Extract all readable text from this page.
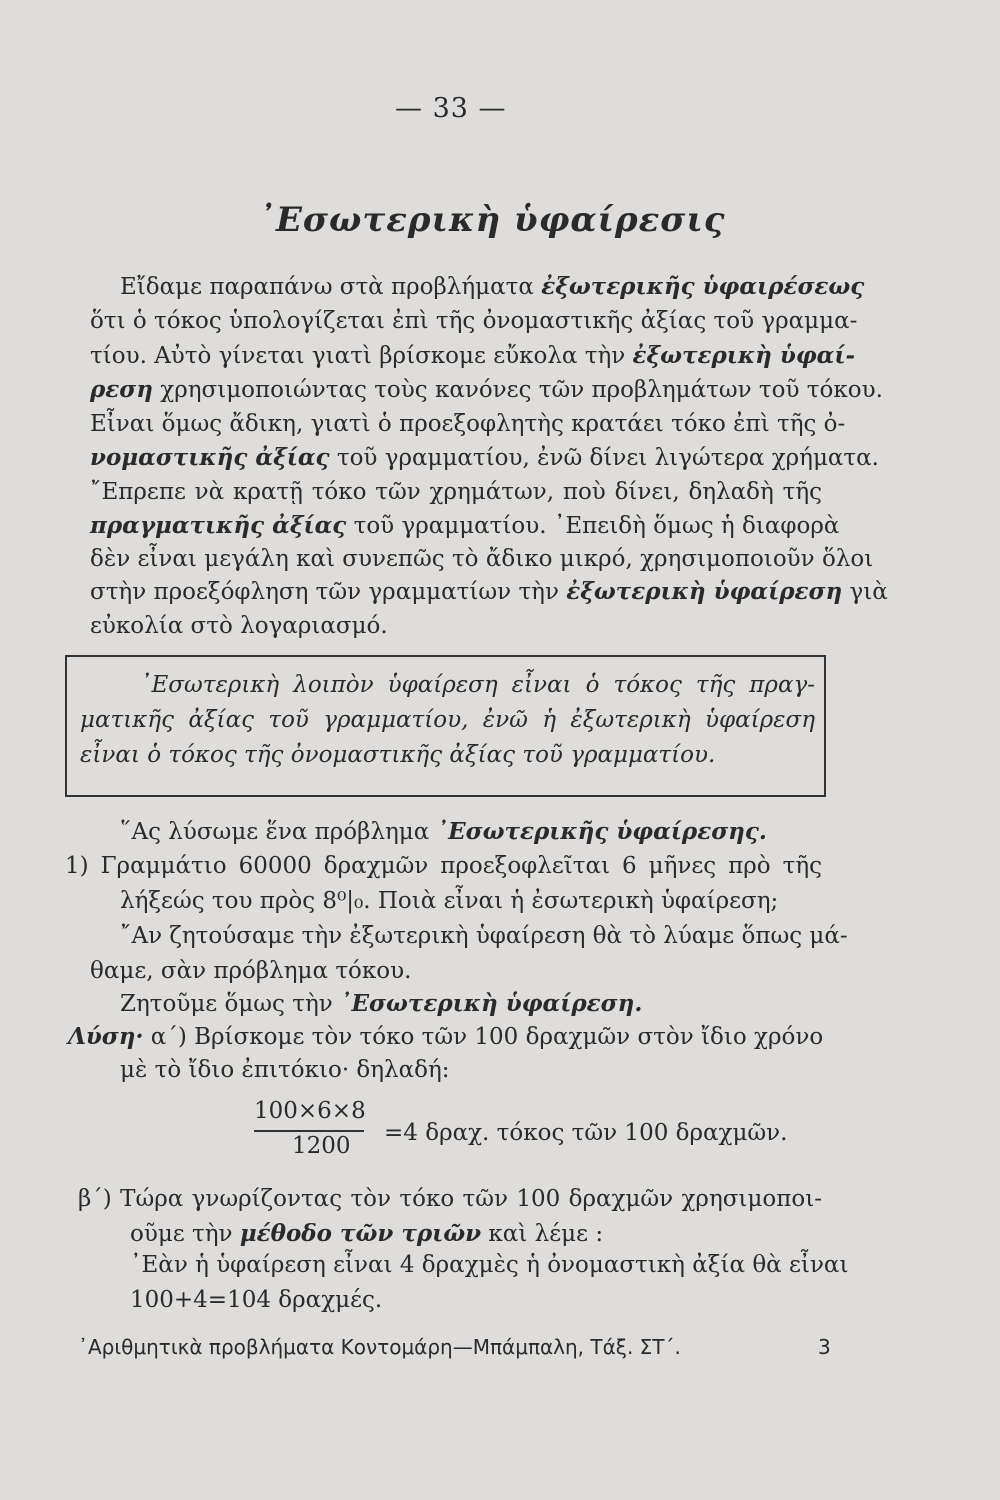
— 33 —
᾿Εσωτερικὴ ὑφαίρεσις
Εἴδαμε παραπάνω στὰ προβλήματα ἐξωτερικῆς ὑφαιρέσεως
ὅτι ὁ τόκος ὑπολογίζεται ἐπὶ τῆς ὀνομαστικῆς ἀξίας τοῦ γραμμα-
τίου. Αὐτὸ γίνεται γιατὶ βρίσκομε εὔκολα τὴν ἐξωτερικὴ ὑφαί-
ρεση χρησιμοποιώντας τοὺς κανόνες τῶν προβλημάτων τοῦ τόκου.
Εἶναι ὅμως ἄδικη, γιατὶ ὁ προεξοφλητὴς κρατάει τόκο ἐπὶ τῆς ὀ-
νομαστικῆς ἀξίας τοῦ γραμματίου, ἐνῶ δίνει λιγώτερα χρήματα.
῎Επρεπε νὰ κρατῇ τόκο τῶν χρημάτων, ποὺ δίνει, δηλαδὴ τῆς
πραγματικῆς ἀξίας τοῦ γραμματίου. ᾿Επειδὴ ὅμως ἡ διαφορὰ
δὲν εἶναι μεγάλη καὶ συνεπῶς τὸ ἄδικο μικρό, χρησιμοποιοῦν ὅλοι
στὴν προεξόφληση τῶν γραμματίων τὴν ἐξωτερικὴ ὑφαίρεση γιὰ
εὐκολία στὸ λογαριασμό.
᾿Εσωτερικὴ λοιπὸν ὑφαίρεση εἶναι ὁ τόκος τῆς πραγ-
ματικῆς ἀξίας τοῦ γραμματίου, ἐνῶ ἡ ἐξωτερικὴ ὑφαίρεση
εἶναι ὁ τόκος τῆς ὀνομαστικῆς ἀξίας τοῦ γραμματίου.
῞Ας λύσωμε ἕνα πρόβλημα ᾿Εσωτερικῆς ὑφαίρεσης.
1) Γραμμάτιο 60000 δραχμῶν προεξοφλεῖται 6 μῆνες πρὸ τῆς
λήξεώς του πρὸς 8⁰|₀. Ποιὰ εἶναι ἡ ἐσωτερικὴ ὑφαίρεση;
῎Αν ζητούσαμε τὴν ἐξωτερικὴ ὑφαίρεση θὰ τὸ λύαμε ὅπως μά-
θαμε, σὰν πρόβλημα τόκου.
Ζητοῦμε ὅμως τὴν ᾿Εσωτερικὴ ὑφαίρεση.
Λύση· α΄) Βρίσκομε τὸν τόκο τῶν 100 δραχμῶν στὸν ἴδιο χρόνο
μὲ τὸ ἴδιο ἐπιτόκιο· δηλαδή:
100×6×8
1200 =4 δραχ. τόκος τῶν 100 δραχμῶν.
β΄) Τώρα γνωρίζοντας τὸν τόκο τῶν 100 δραχμῶν χρησιμοποι-
οῦμε τὴν μέθοδο τῶν τριῶν καὶ λέμε :
᾿Εὰν ἡ ὑφαίρεση εἶναι 4 δραχμὲς ἡ ὀνομαστικὴ ἀξία θὰ εἶναι
100+4=104 δραχμές.
᾿Αριθμητικὰ προβλήματα Κοντομάρη—Μπάμπαλη, Τάξ. ΣΤ΄.	3
